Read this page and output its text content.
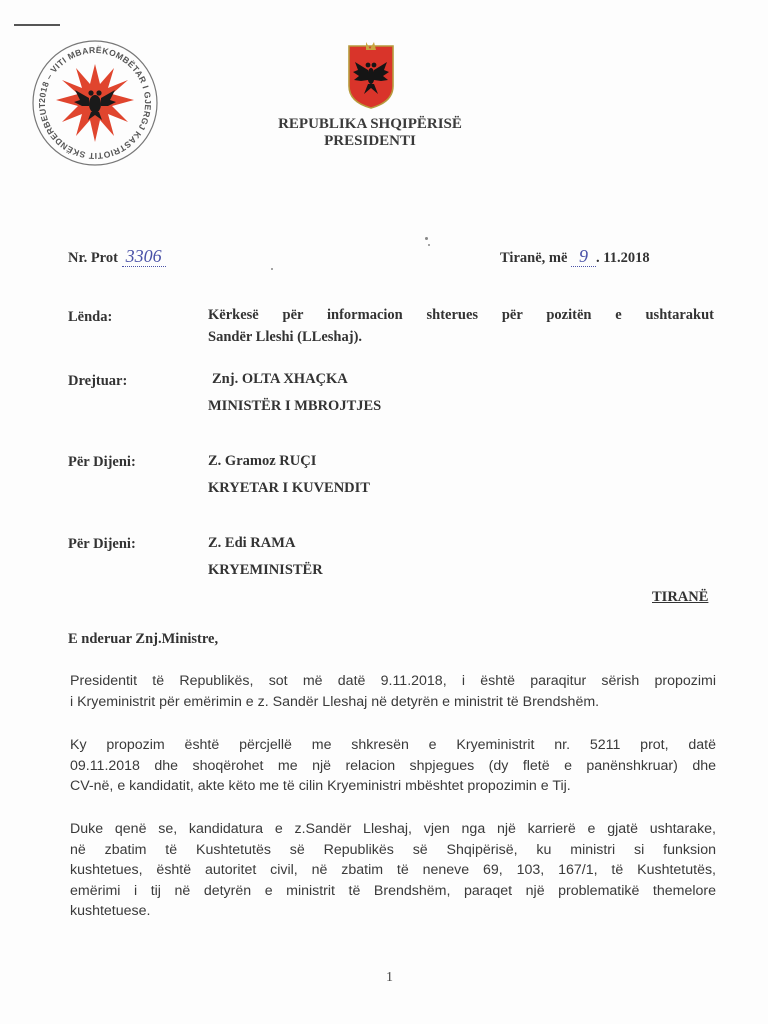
2018 – VITI MBARËKOMBËTAR I GJERGJ KASTRIOTIT SKËNDERBEUT
REPUBLIKA SHQIPËRISË
PRESIDENTI
Nr. Prot 3306	Tiranë, më 9 . 11.2018
Lënda:	Kërkesë për informacion shterues për pozitën e ushtarakut
Sandër Lleshi (LLeshaj).
Drejtuar:	Znj. OLTA XHAÇKA
MINISTËR I MBROJTJES
Për Dijeni:	Z. Gramoz RUÇI
KRYETAR I KUVENDIT
Për Dijeni:	Z. Edi RAMA
KRYEMINISTËR
TIRANË
E nderuar Znj.Ministre,
Presidentit të Republikës, sot më datë 9.11.2018, i është paraqitur sërish propozimi
i Kryeministrit për emërimin e z. Sandër Lleshaj në detyrën e ministrit të Brendshëm.
Ky propozim është përcjellë me shkresën e Kryeministrit nr. 5211 prot, datë
09.11.2018 dhe shoqërohet me një relacion shpjegues (dy fletë e panënshkruar) dhe
CV-në, e kandidatit, akte këto me të cilin Kryeministri mbështet propozimin e Tij.
Duke qenë se, kandidatura e z.Sandër Lleshaj, vjen nga një karrierë e gjatë ushtarake,
në zbatim të Kushtetutës së Republikës së Shqipërisë, ku ministri si funksion
kushtetues, është autoritet civil, në zbatim të neneve 69, 103, 167/1, të Kushtetutës,
emërimi i tij në detyrën e ministrit të Brendshëm, paraqet një problematikë themelore
kushtetuese.
1
